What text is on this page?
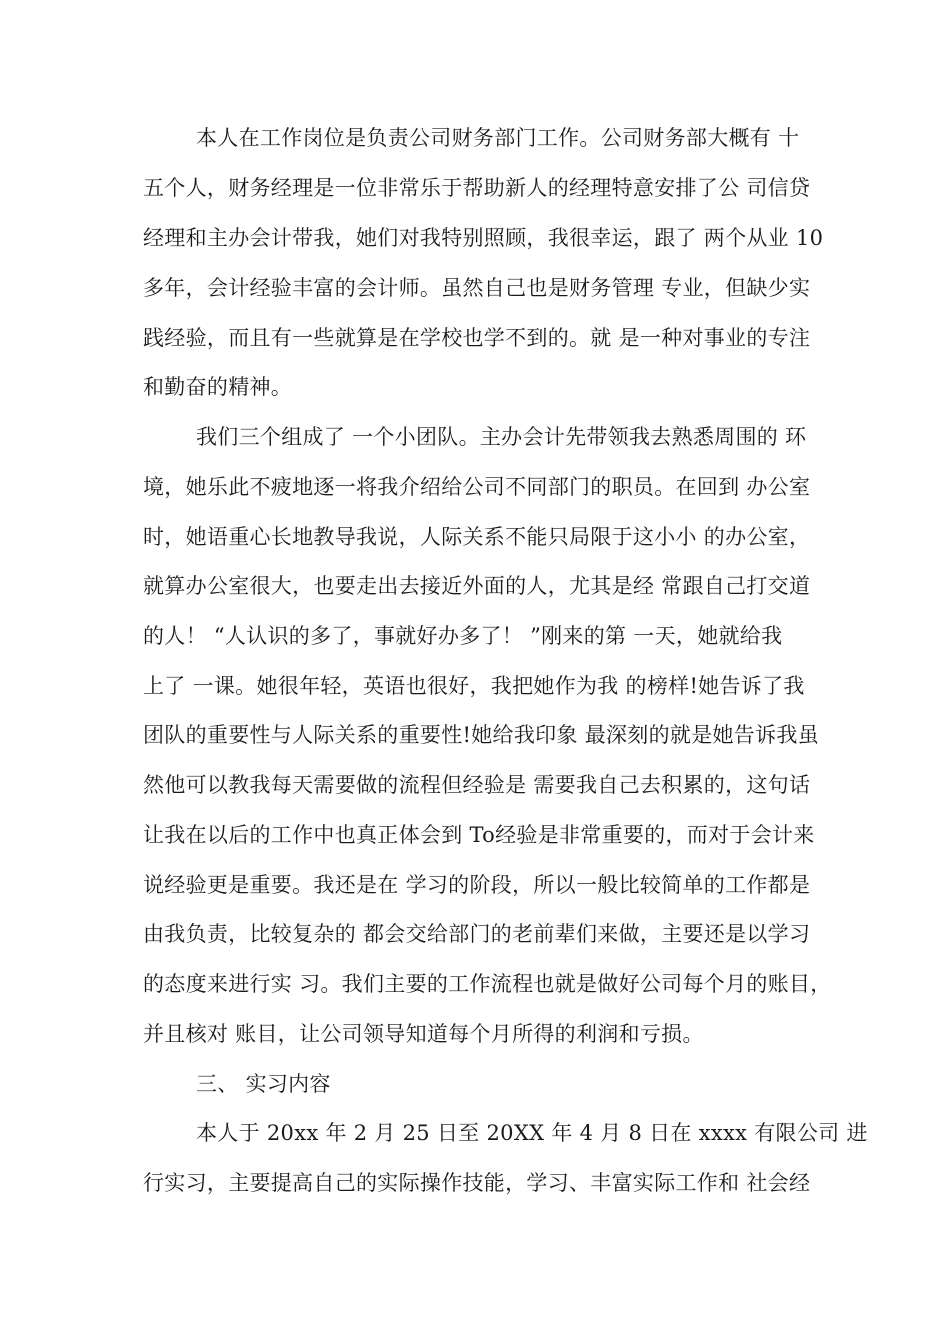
本人在工作岗位是负责公司财务部门工作。公司财务部大概有 十
五个人，财务经理是一位非常乐于帮助新人的经理特意安排了公 司信贷
经理和主办会计带我，她们对我特别照顾，我很幸运，跟了 两个从业 10
多年，会计经验丰富的会计师。虽然自己也是财务管理 专业，但缺少实
践经验，而且有一些就算是在学校也学不到的。就 是一种对事业的专注
和勤奋的精神。
我们三个组成了 一个小团队。主办会计先带领我去熟悉周围的 环
境，她乐此不疲地逐一将我介绍给公司不同部门的职员。在回到 办公室
时，她语重心长地教导我说，人际关系不能只局限于这小小 的办公室，
就算办公室很大，也要走出去接近外面的人，尤其是经 常跟自己打交道
的人！ “人认识的多了，事就好办多了！ ”刚来的第 一天，她就给我
上了 一课。她很年轻，英语也很好，我把她作为我 的榜样!她告诉了我
团队的重要性与人际关系的重要性!她给我印象 最深刻的就是她告诉我虽
然他可以教我每天需要做的流程但经验是 需要我自己去积累的，这句话
让我在以后的工作中也真正体会到 To经验是非常重要的，而对于会计来
说经验更是重要。我还是在 学习的阶段，所以一般比较简单的工作都是
由我负责，比较复杂的 都会交给部门的老前辈们来做，主要还是以学习
的态度来进行实 习。我们主要的工作流程也就是做好公司每个月的账目，
并且核对 账目，让公司领导知道每个月所得的利润和亏损。
三、 实习内容
本人于 20xx 年 2 月 25 日至 20XX 年 4 月 8 日在 xxxx 有限公司 进
行实习，主要提高自己的实际操作技能，学习、丰富实际工作和 社会经
